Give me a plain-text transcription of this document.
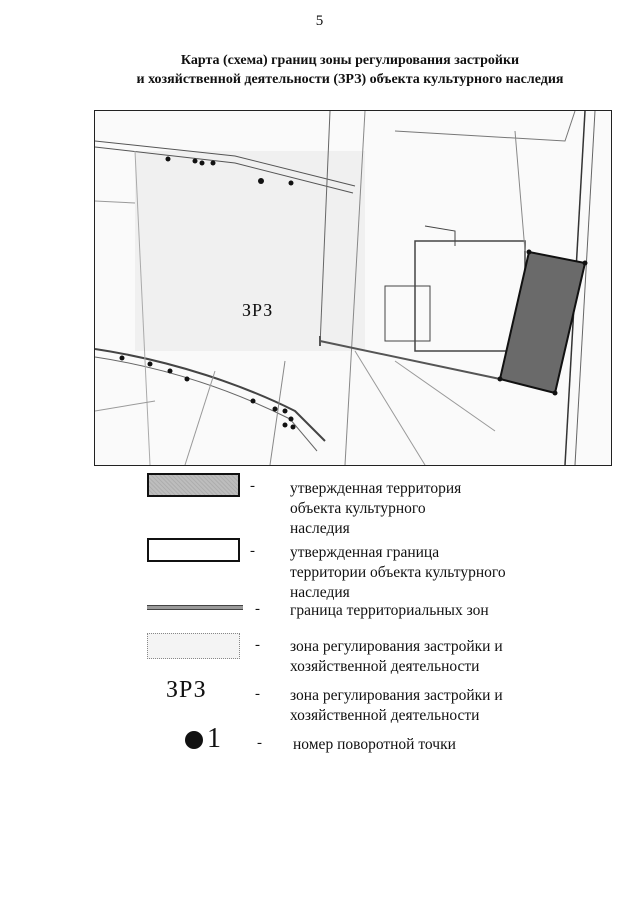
5
Карта (схема) границ зоны регулирования застройки
и хозяйственной деятельности (ЗРЗ) объекта культурного наследия
ЗРЗ
- утвержденная территория
объекта культурного
наследия
- утвержденная граница
территории объекта культурного
наследия
- граница территориальных зон
- зона регулирования застройки и
хозяйственной деятельности
ЗРЗ	- зона регулирования застройки и
хозяйственной деятельности
1 - номер поворотной точки
